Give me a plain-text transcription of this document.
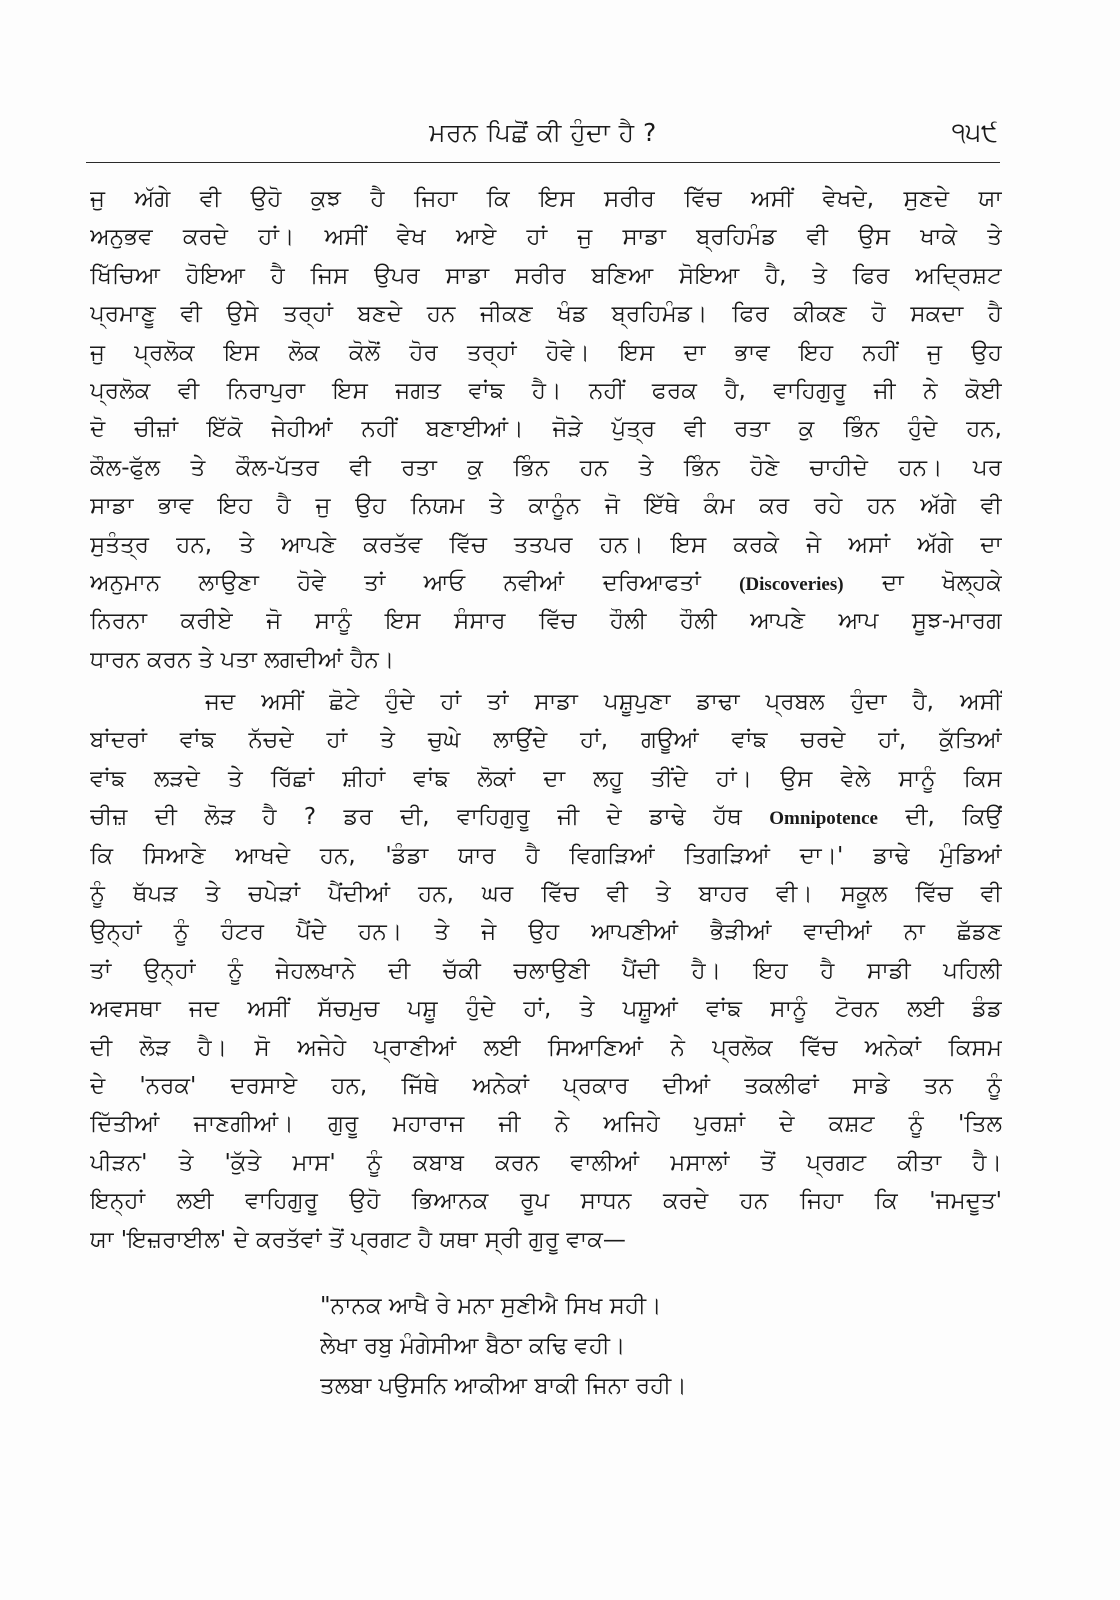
ਮਰਨ ਪਿਛੋਂ ਕੀ ਹੁੰਦਾ ਹੈ ?	੧੫੯
ਜੁ ਅੱਗੇ ਵੀ ਉਹੋ ਕੁਝ ਹੈ ਜਿਹਾ ਕਿ ਇਸ ਸਰੀਰ ਵਿੱਚ ਅਸੀਂ ਵੇਖਦੇ, ਸੁਣਦੇ ਯਾ
ਅਨੁਭਵ ਕਰਦੇ ਹਾਂ। ਅਸੀਂ ਵੇਖ ਆਏ ਹਾਂ ਜੁ ਸਾਡਾ ਬ੍ਰਹਿਮੰਡ ਵੀ ਉਸ ਖਾਕੇ ਤੇ
ਖਿੱਚਿਆ ਹੋਇਆ ਹੈ ਜਿਸ ਉਪਰ ਸਾਡਾ ਸਰੀਰ ਬਣਿਆ ਸੋਇਆ ਹੈ, ਤੇ ਫਿਰ ਅਦ੍ਰਿਸ਼ਟ
ਪ੍ਰਮਾਣੂ ਵੀ ਉਸੇ ਤਰ੍ਹਾਂ ਬਣਦੇ ਹਨ ਜੀਕਣ ਖੰਡ ਬ੍ਰਹਿਮੰਡ। ਫਿਰ ਕੀਕਣ ਹੋ ਸਕਦਾ ਹੈ
ਜੁ ਪ੍ਰਲੋਕ ਇਸ ਲੋਕ ਕੋਲੋਂ ਹੋਰ ਤਰ੍ਹਾਂ ਹੋਵੇ। ਇਸ ਦਾ ਭਾਵ ਇਹ ਨਹੀਂ ਜੁ ਉਹ
ਪ੍ਰਲੋਕ ਵੀ ਨਿਰਾਪੁਰਾ ਇਸ ਜਗਤ ਵਾਂਙ ਹੈ। ਨਹੀਂ ਫਰਕ ਹੈ, ਵਾਹਿਗੁਰੂ ਜੀ ਨੇ ਕੋਈ
ਦੋ ਚੀਜ਼ਾਂ ਇੱਕੋ ਜੇਹੀਆਂ ਨਹੀਂ ਬਣਾਈਆਂ। ਜੋੜੇ ਪੁੱਤ੍ਰ ਵੀ ਰਤਾ ਕੁ ਭਿੰਨ ਹੁੰਦੇ ਹਨ,
ਕੌਲ-ਫੁੱਲ ਤੇ ਕੌਲ-ਪੱਤਰ ਵੀ ਰਤਾ ਕੁ ਭਿੰਨ ਹਨ ਤੇ ਭਿੰਨ ਹੋਣੇ ਚਾਹੀਦੇ ਹਨ। ਪਰ
ਸਾਡਾ ਭਾਵ ਇਹ ਹੈ ਜੁ ਉਹ ਨਿਯਮ ਤੇ ਕਾਨੂੰਨ ਜੋ ਇੱਥੇ ਕੰਮ ਕਰ ਰਹੇ ਹਨ ਅੱਗੇ ਵੀ
ਸੁਤੰਤ੍ਰ ਹਨ, ਤੇ ਆਪਣੇ ਕਰਤੱਵ ਵਿੱਚ ਤਤਪਰ ਹਨ। ਇਸ ਕਰਕੇ ਜੇ ਅਸਾਂ ਅੱਗੇ ਦਾ
ਅਨੁਮਾਨ ਲਾਉਣਾ ਹੋਵੇ ਤਾਂ ਆਓ ਨਵੀਆਂ ਦਰਿਆਫਤਾਂ (Discoveries) ਦਾ ਖੋਲ੍ਹਕੇ
ਨਿਰਨਾ ਕਰੀਏ ਜੋ ਸਾਨੂੰ ਇਸ ਸੰਸਾਰ ਵਿੱਚ ਹੌਲੀ ਹੌਲੀ ਆਪਣੇ ਆਪ ਸੂਝ-ਮਾਰਗ
ਧਾਰਨ ਕਰਨ ਤੇ ਪਤਾ ਲਗਦੀਆਂ ਹੈਨ।
ਜਦ ਅਸੀਂ ਛੋਟੇ ਹੁੰਦੇ ਹਾਂ ਤਾਂ ਸਾਡਾ ਪਸ਼ੂਪੁਣਾ ਡਾਢਾ ਪ੍ਰਬਲ ਹੁੰਦਾ ਹੈ, ਅਸੀਂ
ਬਾਂਦਰਾਂ ਵਾਂਙ ਨੱਚਦੇ ਹਾਂ ਤੇ ਚੁਘੇ ਲਾਉਂਦੇ ਹਾਂ, ਗਊਆਂ ਵਾਂਙ ਚਰਦੇ ਹਾਂ, ਕੁੱਤਿਆਂ
ਵਾਂਙ ਲੜਦੇ ਤੇ ਰਿੱਛਾਂ ਸ਼ੀਹਾਂ ਵਾਂਙ ਲੋਕਾਂ ਦਾ ਲਹੂ ਤੀਂਦੇ ਹਾਂ। ਉਸ ਵੇਲੇ ਸਾਨੂੰ ਕਿਸ
ਚੀਜ਼ ਦੀ ਲੋੜ ਹੈ ? ਡਰ ਦੀ, ਵਾਹਿਗੁਰੂ ਜੀ ਦੇ ਡਾਢੇ ਹੱਥ Omnipotence ਦੀ, ਕਿਉਂ
ਕਿ ਸਿਆਣੇ ਆਖਦੇ ਹਨ, 'ਡੰਡਾ ਯਾਰ ਹੈ ਵਿਗੜਿਆਂ ਤਿਗੜਿਆਂ ਦਾ।' ਡਾਢੇ ਮੁੰਡਿਆਂ
ਨੂੰ ਥੱਪੜ ਤੇ ਚਪੇੜਾਂ ਪੈਂਦੀਆਂ ਹਨ, ਘਰ ਵਿੱਚ ਵੀ ਤੇ ਬਾਹਰ ਵੀ। ਸਕੂਲ ਵਿੱਚ ਵੀ
ਉਨ੍ਹਾਂ ਨੂੰ ਹੰਟਰ ਪੈਂਦੇ ਹਨ। ਤੇ ਜੇ ਉਹ ਆਪਣੀਆਂ ਭੈੜੀਆਂ ਵਾਦੀਆਂ ਨਾ ਛੱਡਣ
ਤਾਂ ਉਨ੍ਹਾਂ ਨੂੰ ਜੇਹਲਖਾਨੇ ਦੀ ਚੱਕੀ ਚਲਾਉਣੀ ਪੈਂਦੀ ਹੈ। ਇਹ ਹੈ ਸਾਡੀ ਪਹਿਲੀ
ਅਵਸਥਾ ਜਦ ਅਸੀਂ ਸੱਚਮੁਚ ਪਸ਼ੂ ਹੁੰਦੇ ਹਾਂ, ਤੇ ਪਸ਼ੂਆਂ ਵਾਂਙ ਸਾਨੂੰ ਟੋਰਨ ਲਈ ਡੰਡ
ਦੀ ਲੋੜ ਹੈ। ਸੋ ਅਜੇਹੇ ਪ੍ਰਾਣੀਆਂ ਲਈ ਸਿਆਣਿਆਂ ਨੇ ਪ੍ਰਲੋਕ ਵਿੱਚ ਅਨੇਕਾਂ ਕਿਸਮ
ਦੇ 'ਨਰਕ' ਦਰਸਾਏ ਹਨ, ਜਿੱਥੇ ਅਨੇਕਾਂ ਪ੍ਰਕਾਰ ਦੀਆਂ ਤਕਲੀਫਾਂ ਸਾਡੇ ਤਨ ਨੂੰ
ਦਿੱਤੀਆਂ ਜਾਣਗੀਆਂ। ਗੁਰੂ ਮਹਾਰਾਜ ਜੀ ਨੇ ਅਜਿਹੇ ਪੁਰਸ਼ਾਂ ਦੇ ਕਸ਼ਟ ਨੂੰ 'ਤਿਲ
ਪੀੜਨ' ਤੇ 'ਕੁੱਤੇ ਮਾਸ' ਨੂੰ ਕਬਾਬ ਕਰਨ ਵਾਲੀਆਂ ਮਸਾਲਾਂ ਤੋਂ ਪ੍ਰਗਟ ਕੀਤਾ ਹੈ।
ਇਨ੍ਹਾਂ ਲਈ ਵਾਹਿਗੁਰੂ ਉਹੋ ਭਿਆਨਕ ਰੂਪ ਸਾਧਨ ਕਰਦੇ ਹਨ ਜਿਹਾ ਕਿ 'ਜਮਦੂਤ'
ਯਾ 'ਇਜ਼ਰਾਈਲ' ਦੇ ਕਰਤੱਵਾਂ ਤੋਂ ਪ੍ਰਗਟ ਹੈ ਯਥਾ ਸ੍ਰੀ ਗੁਰੂ ਵਾਕ—
"ਨਾਨਕ ਆਖੈ ਰੇ ਮਨਾ ਸੁਣੀਐ ਸਿਖ ਸਹੀ।
ਲੇਖਾ ਰਬੁ ਮੰਗੇਸੀਆ ਬੈਠਾ ਕਢਿ ਵਹੀ।
ਤਲਬਾ ਪਉਸਨਿ ਆਕੀਆ ਬਾਕੀ ਜਿਨਾ ਰਹੀ।
